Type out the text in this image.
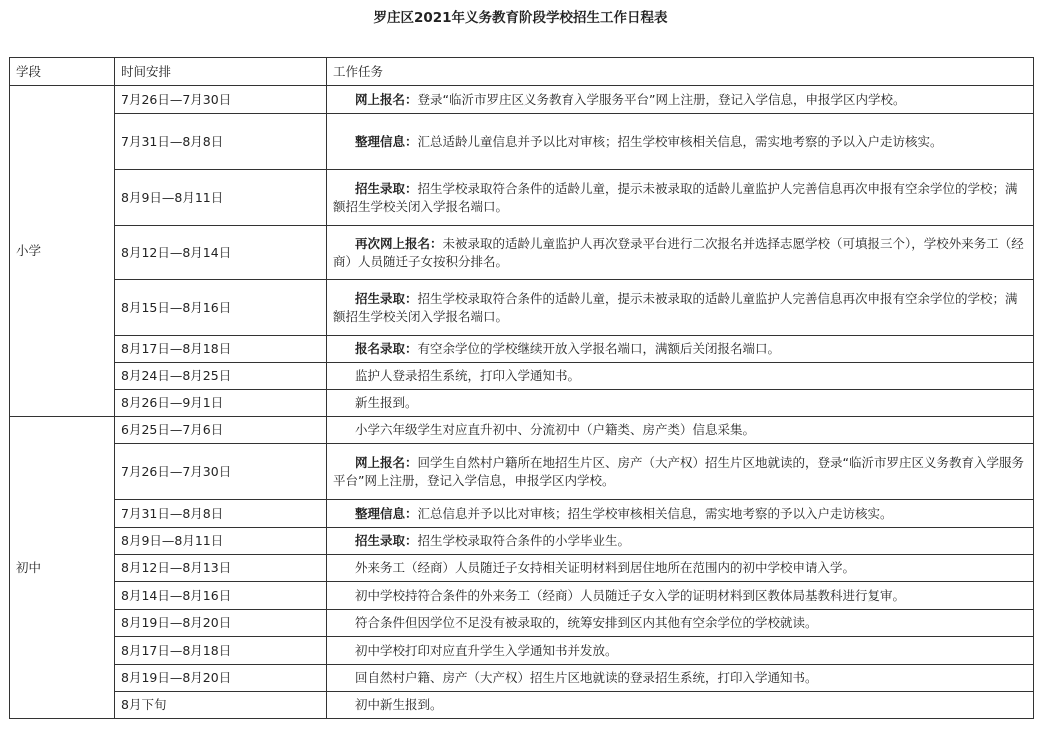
罗庄区2021年义务教育阶段学校招生工作日程表
学段	时间安排	工作任务
小学	7月26日—7月30日	网上报名：登录“临沂市罗庄区义务教育入学服务平台”网上注册，登记入学信息，申报学区内学校。
	7月31日—8月8日	整理信息：汇总适龄儿童信息并予以比对审核；招生学校审核相关信息，需实地考察的予以入户走访核实。
	8月9日—8月11日	招生录取：招生学校录取符合条件的适龄儿童，提示未被录取的适龄儿童监护人完善信息再次申报有空余学位的学校；满额招生学校关闭入学报名端口。
	8月12日—8月14日	再次网上报名：未被录取的适龄儿童监护人再次登录平台进行二次报名并选择志愿学校（可填报三个），学校外来务工（经商）人员随迁子女按积分排名。
	8月15日—8月16日	招生录取：招生学校录取符合条件的适龄儿童，提示未被录取的适龄儿童监护人完善信息再次申报有空余学位的学校；满额招生学校关闭入学报名端口。
	8月17日—8月18日	报名录取：有空余学位的学校继续开放入学报名端口，满额后关闭报名端口。
	8月24日—8月25日	监护人登录招生系统，打印入学通知书。
	8月26日—9月1日	新生报到。
初中	6月25日—7月6日	小学六年级学生对应直升初中、分流初中（户籍类、房产类）信息采集。
	7月26日—7月30日	网上报名：回学生自然村户籍所在地招生片区、房产（大产权）招生片区地就读的，登录“临沂市罗庄区义务教育入学服务平台”网上注册，登记入学信息，申报学区内学校。
	7月31日—8月8日	整理信息：汇总信息并予以比对审核；招生学校审核相关信息，需实地考察的予以入户走访核实。
	8月9日—8月11日	招生录取：招生学校录取符合条件的小学毕业生。
	8月12日—8月13日	外来务工（经商）人员随迁子女持相关证明材料到居住地所在范围内的初中学校申请入学。
	8月14日—8月16日	初中学校持符合条件的外来务工（经商）人员随迁子女入学的证明材料到区教体局基教科进行复审。
	8月19日—8月20日	符合条件但因学位不足没有被录取的，统筹安排到区内其他有空余学位的学校就读。
	8月17日—8月18日	初中学校打印对应直升学生入学通知书并发放。
	8月19日—8月20日	回自然村户籍、房产（大产权）招生片区地就读的登录招生系统，打印入学通知书。
	8月下旬	初中新生报到。
